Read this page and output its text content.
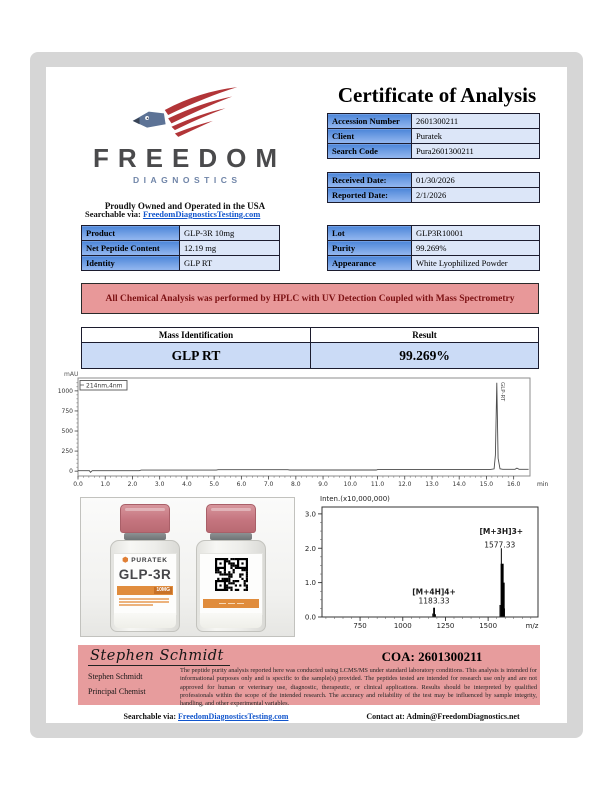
FREEDOM
DIAGNOSTICS
Proudly Owned and Operated in the USA
Searchable via: FreedomDiagnosticsTesting.com
Certificate of Analysis
Accession Number	2601300211
Client	Puratek
Search Code	Pura2601300211
Received Date:	01/30/2026
Reported Date:	2/1/2026
Product	GLP-3R 10mg
Net Peptide Content	12.19 mg
Identity	GLP RT
Lot	GLP3R10001
Purity	99.269%
Appearance	White Lyophilized Powder
All Chemical Analysis was performed by HPLC with UV Detection Coupled with Mass Spectrometry
Mass Identification	Result
GLP RT	99.269%
0
250
500
750
1000
0.0	1.0	2.0	3.0	4.0	5.0	6.0	7.0	8.0	9.0	10.0 11.0 12.0 13.0 14.0 15.0 16.0	min
mAU
214nm,4nm	GLP-RT
⬢ PURATEK
GLP-3R
10MG
Inten.(x10,000,000)
0.0
1.0
2.0
3.0
750	1000	1250	1500	m/z
[M+4H]4+
1183.33
[M+3H]3+
1577.33
Stephen Schmidt
Stephen Schmidt
Principal Chemist
COA: 2601300211
The peptide purity analysis reported here was conducted using LCMS/MS under standard laboratory conditions. This analysis is intended for informational purposes only and is specific to the sample(s) provided. The peptides tested are intended for research use only and are not approved for human or veterinary use, diagnostic, therapeutic, or clinical applications. Results should be interpreted by qualified professionals within the scope of the intended research. The accuracy and reliability of the test may be influenced by sample integrity, handling, and other experimental variables.
Searchable via: FreedomDiagnosticsTesting.com	Contact at: Admin@FreedomDiagnostics.net
